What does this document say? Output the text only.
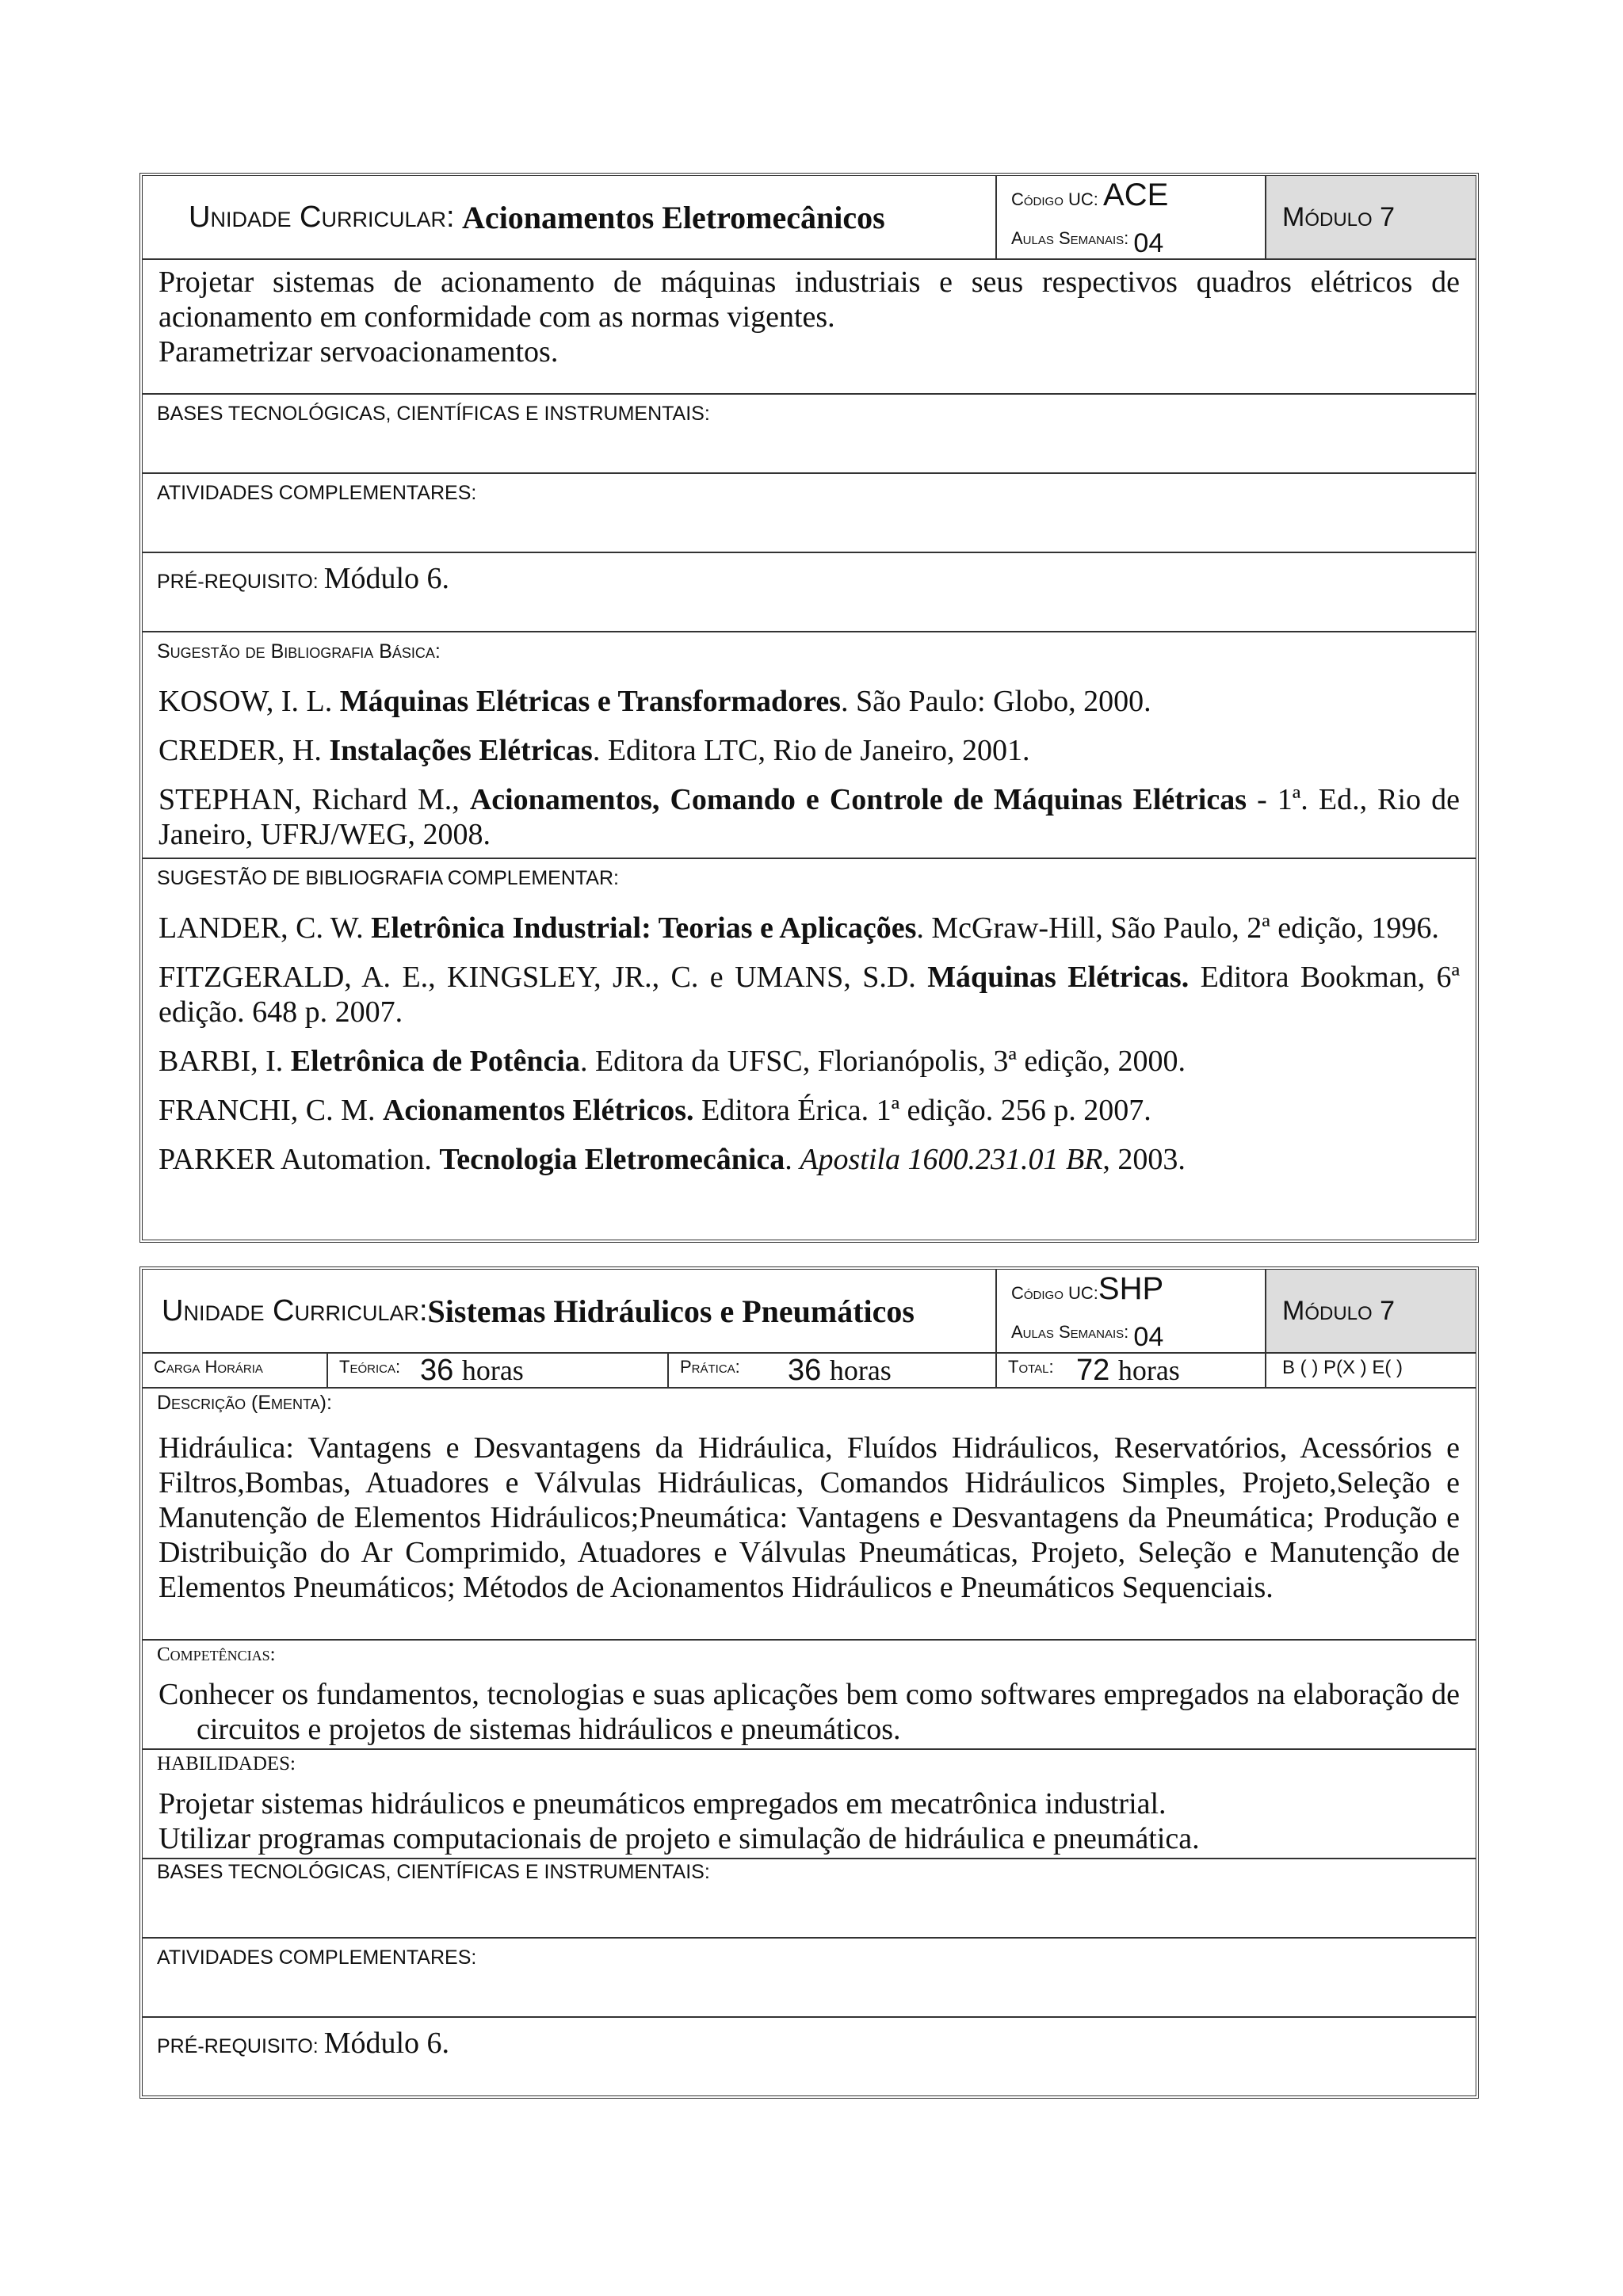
Unidade Curricular:
Acionamentos Eletromecânicos	Código UC: ACE
Aulas Semanais: 04
Módulo 7
Projetar sistemas de acionamento de máquinas industriais e seus respectivos quadros elétricos de acionamento em conformidade com as normas vigentes.
Parametrizar servoacionamentos.
BASES TECNOLÓGICAS, CIENTÍFICAS E INSTRUMENTAIS:
ATIVIDADES COMPLEMENTARES:
PRÉ-REQUISITO: Módulo 6.
Sugestão de Bibliografia Básica:

KOSOW, I. L. Máquinas Elétricas e Transformadores. São Paulo: Globo, 2000.

CREDER, H. Instalações Elétricas. Editora LTC, Rio de Janeiro, 2001.

STEPHAN, Richard M., Acionamentos, Comando e Controle de Máquinas Elétricas - 1ª. Ed., Rio de Janeiro, UFRJ/WEG, 2008.

SUGESTÃO DE BIBLIOGRAFIA COMPLEMENTAR:

LANDER, C. W. Eletrônica Industrial: Teorias e Aplicações. McGraw-Hill, São Paulo, 2ª edição, 1996.

FITZGERALD, A. E., KINGSLEY, JR., C. e UMANS, S.D. Máquinas Elétricas. Editora Bookman, 6ª edição. 648 p. 2007.

BARBI, I. Eletrônica de Potência. Editora da UFSC, Florianópolis, 3ª edição, 2000.

FRANCHI, C. M. Acionamentos Elétricos. Editora Érica. 1ª edição. 256 p. 2007.

PARKER Automation. Tecnologia Eletromecânica. Apostila 1600.231.01 BR, 2003.

Unidade Curricular: Sistemas Hidráulicos e Pneumáticos	Código UC:SHP
Aulas Semanais: 04
Módulo 7
Carga Horária	Teórica: 36 horas	Prática: 36 horas	Total: 72 horas	B ( ) P(X ) E( )
Descrição (Ementa):
Hidráulica: Vantagens e Desvantagens da Hidráulica, Fluídos Hidráulicos, Reservatórios, Acessórios e Filtros,Bombas, Atuadores e Válvulas Hidráulicas, Comandos Hidráulicos Simples, Projeto,Seleção e Manutenção de Elementos Hidráulicos;Pneumática: Vantagens e Desvantagens da Pneumática; Produção e Distribuição do Ar Comprimido, Atuadores e Válvulas Pneumáticas, Projeto, Seleção e Manutenção de Elementos Pneumáticos; Métodos de Acionamentos Hidráulicos e Pneumáticos Sequenciais.
Competências:
Conhecer os fundamentos, tecnologias e suas aplicações bem como softwares empregados na elaboração de circuitos e projetos de sistemas hidráulicos e pneumáticos.
HABILIDADES:
Projetar sistemas hidráulicos e pneumáticos empregados em mecatrônica industrial.
Utilizar programas computacionais de projeto e simulação de hidráulica e pneumática.
BASES TECNOLÓGICAS, CIENTÍFICAS E INSTRUMENTAIS:
ATIVIDADES COMPLEMENTARES:
PRÉ-REQUISITO: Módulo 6.
